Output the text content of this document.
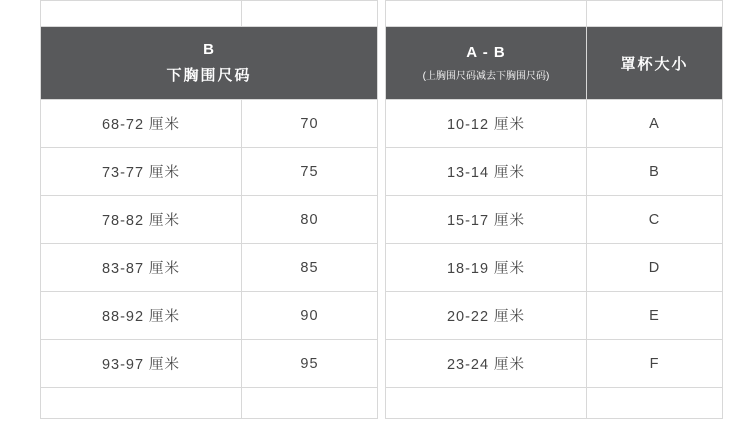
B
下胸围尺码	

68-72 厘米	70
73-77 厘米	75
78-82 厘米	80
83-87 厘米	85
88-92 厘米	90
93-97 厘米	95

A - B
(上胸围尺码减去下胸围尺码)	罩杯大小
10-12 厘米	A
13-14 厘米	B
15-17 厘米	C
18-19 厘米	D
20-22 厘米	E
23-24 厘米	F
